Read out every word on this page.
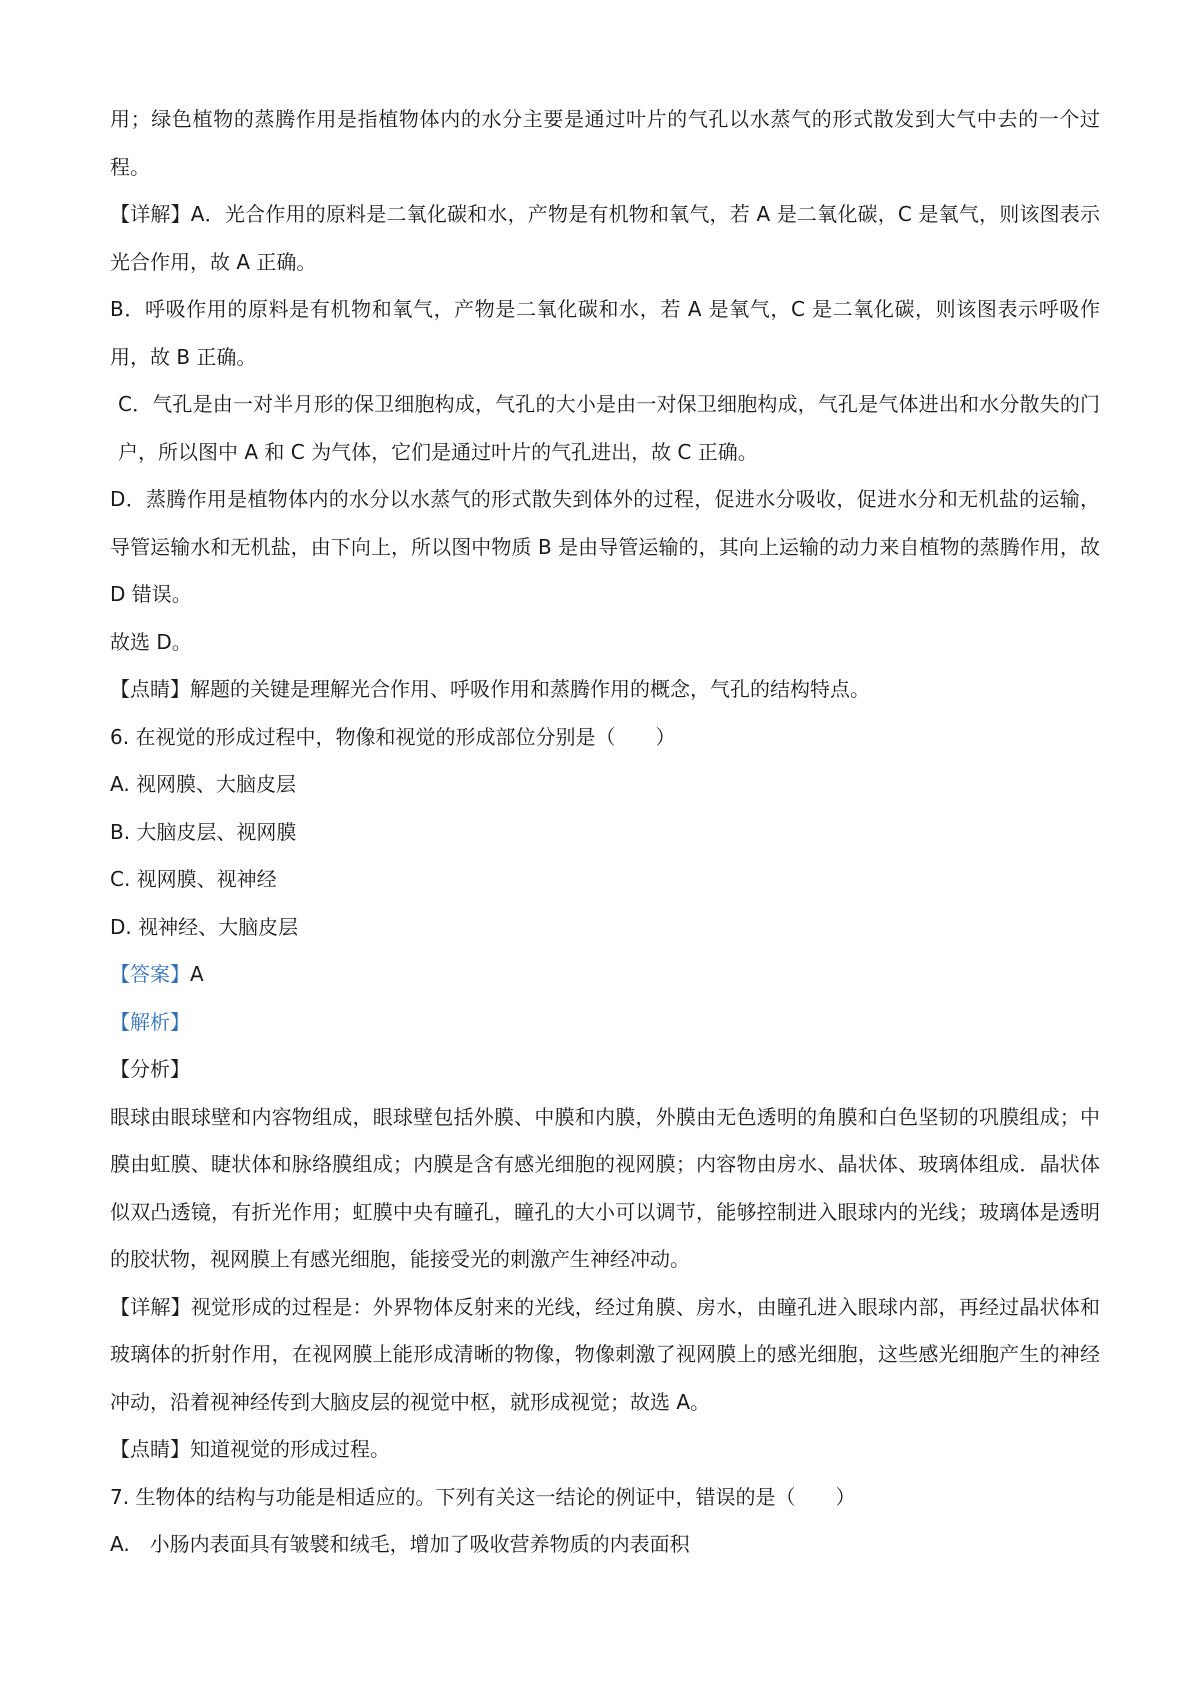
用；绿色植物的蒸腾作用是指植物体内的水分主要是通过叶片的气孔以水蒸气的形式散发到大气中去的一个过程。

【详解】A．光合作用的原料是二氧化碳和水，产物是有机物和氧气，若 A 是二氧化碳，C 是氧气，则该图表示光合作用，故 A 正确。

B．呼吸作用的原料是有机物和氧气，产物是二氧化碳和水，若 A 是氧气，C 是二氧化碳，则该图表示呼吸作用，故 B 正确。

C．气孔是由一对半月形的保卫细胞构成，气孔的大小是由一对保卫细胞构成，气孔是气体进出和水分散失的门户，所以图中 A 和 C 为气体，它们是通过叶片的气孔进出，故 C 正确。

D．蒸腾作用是植物体内的水分以水蒸气的形式散失到体外的过程，促进水分吸收，促进水分和无机盐的运输，导管运输水和无机盐，由下向上，所以图中物质 B 是由导管运输的，其向上运输的动力来自植物的蒸腾作用，故 D 错误。

故选 D。

【点睛】解题的关键是理解光合作用、呼吸作用和蒸腾作用的概念，气孔的结构特点。

6. 在视觉的形成过程中，物像和视觉的形成部位分别是（　　）

A. 视网膜、大脑皮层

B. 大脑皮层、视网膜

C. 视网膜、视神经

D. 视神经、大脑皮层

【答案】A

【解析】

【分析】

眼球由眼球壁和内容物组成，眼球壁包括外膜、中膜和内膜，外膜由无色透明的角膜和白色坚韧的巩膜组成；中膜由虹膜、睫状体和脉络膜组成；内膜是含有感光细胞的视网膜；内容物由房水、晶状体、玻璃体组成．晶状体似双凸透镜，有折光作用；虹膜中央有瞳孔，瞳孔的大小可以调节，能够控制进入眼球内的光线；玻璃体是透明的胶状物，视网膜上有感光细胞，能接受光的刺激产生神经冲动。

【详解】视觉形成的过程是：外界物体反射来的光线，经过角膜、房水，由瞳孔进入眼球内部，再经过晶状体和玻璃体的折射作用，在视网膜上能形成清晰的物像，物像刺激了视网膜上的感光细胞，这些感光细胞产生的神经冲动，沿着视神经传到大脑皮层的视觉中枢，就形成视觉；故选 A。

【点睛】知道视觉的形成过程。

7. 生物体的结构与功能是相适应的。下列有关这一结论的例证中，错误的是（　　）

A.　小肠内表面具有皱襞和绒毛，增加了吸收营养物质的内表面积
